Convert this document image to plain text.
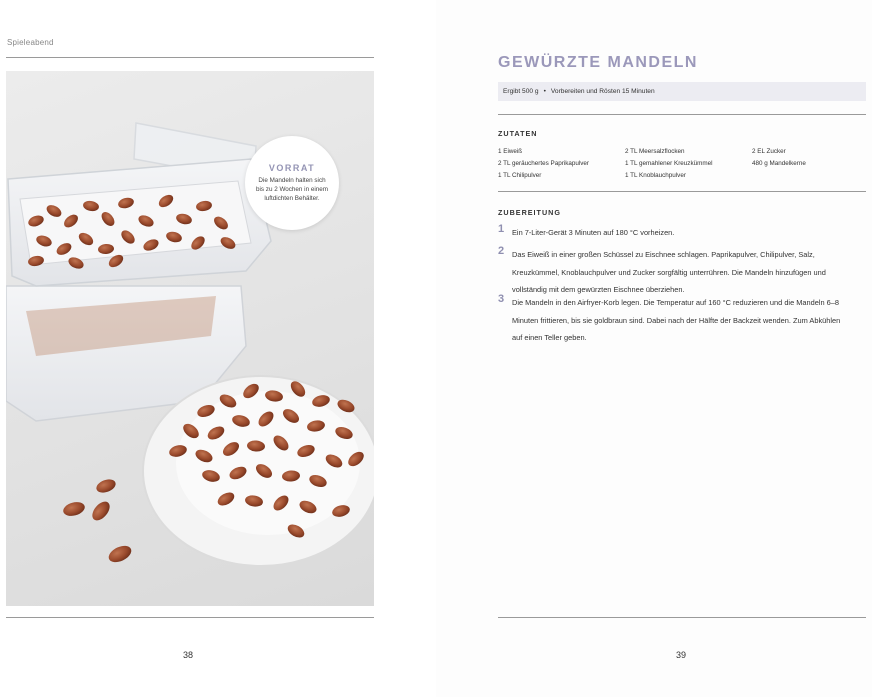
Spieleabend
VORRAT
Die Mandeln halten sich bis zu 2 Wochen in einem luftdichten Behälter.
38
GEWÜRZTE MANDELN
Ergibt 500 g • Vorbereiten und Rösten 15 Minuten
ZUTATEN
1 Eiweiß
2 TL geräuchertes Paprikapulver
1 TL Chilipulver
2 TL Meersalzflocken
1 TL gemahlener Kreuzkümmel
1 TL Knoblauchpulver
2 EL Zucker
480 g Mandelkerne
ZUBEREITUNG
1 Ein 7-Liter-Gerät 3 Minuten auf 180 °C vorheizen.
2 Das Eiweiß in einer großen Schüssel zu Eischnee schlagen. Paprikapulver, Chilipulver, Salz, Kreuzkümmel, Knoblauchpulver und Zucker sorgfältig unterrühren. Die Mandeln hinzufügen und vollständig mit dem gewürzten Eischnee überziehen.
3 Die Mandeln in den Airfryer-Korb legen. Die Temperatur auf 160 °C reduzieren und die Mandeln 6–8 Minuten frittieren, bis sie goldbraun sind. Dabei nach der Hälfte der Backzeit wenden. Zum Abkühlen auf einen Teller geben.
39
